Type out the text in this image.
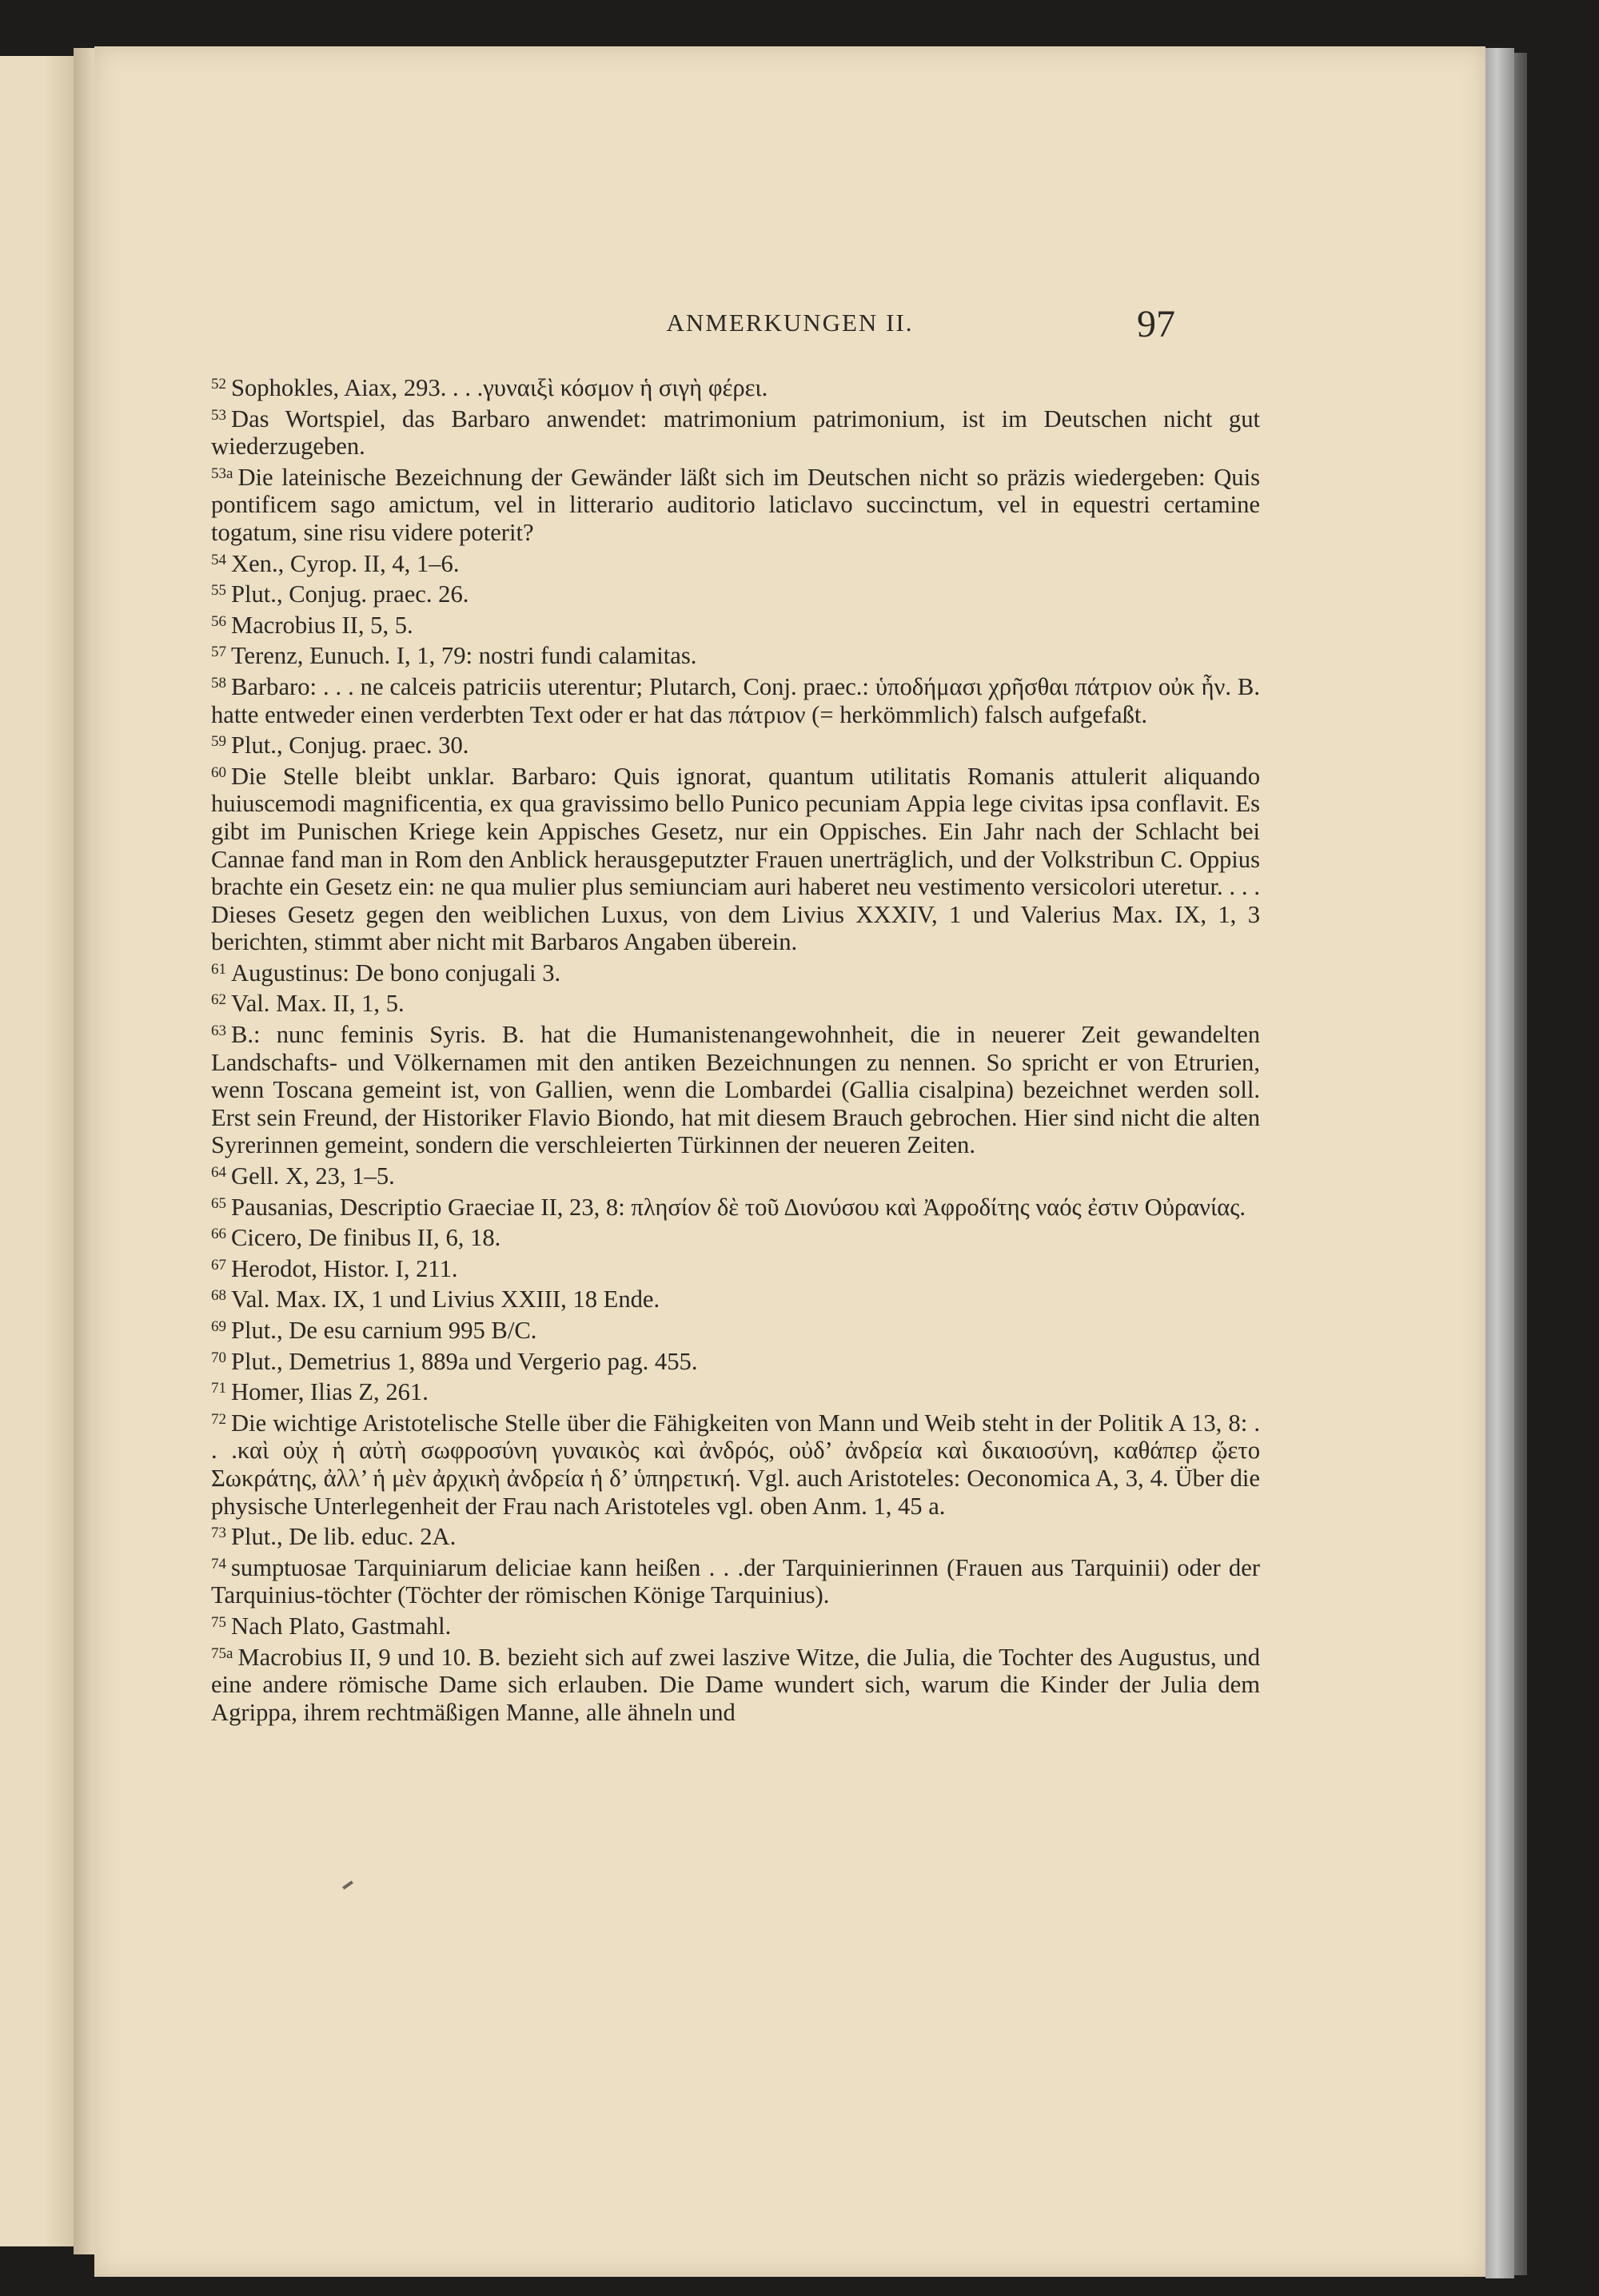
ANMERKUNGEN II.	97

$^{52}$ Sophokles, Aiax, 293. . . .γυναιξὶ κόσμον ἡ σιγὴ φέρει.

$^{53}$ Das Wortspiel, das Barbaro anwendet: matrimonium patrimonium, ist im Deutschen nicht gut wiederzugeben.

$^{53a}$ Die lateinische Bezeichnung der Gewänder läßt sich im Deutschen nicht so präzis wiedergeben: Quis pontificem sago amictum, vel in litterario auditorio laticlavo succinctum, vel in equestri certamine togatum, sine risu videre poterit?

$^{54}$ Xen., Cyrop. II, 4, 1–6.

$^{55}$ Plut., Conjug. praec. 26.

$^{56}$ Macrobius II, 5, 5.

$^{57}$ Terenz, Eunuch. I, 1, 79: nostri fundi calamitas.

$^{58}$ Barbaro: . . . ne calceis patriciis uterentur; Plutarch, Conj. praec.: ὑποδήμασι χρῆσθαι πάτριον οὐκ ἦν. B. hatte entweder einen verderbten Text oder er hat das πάτριον (= herkömmlich) falsch aufgefaßt.

$^{59}$ Plut., Conjug. praec. 30.

$^{60}$ Die Stelle bleibt unklar. Barbaro: Quis ignorat, quantum utilitatis Romanis attulerit aliquando huiuscemodi magnificentia, ex qua gravissimo bello Punico pecuniam Appia lege civitas ipsa conflavit. Es gibt im Punischen Kriege kein Appisches Gesetz, nur ein Oppisches. Ein Jahr nach der Schlacht bei Cannae fand man in Rom den Anblick herausgeputzter Frauen unerträglich, und der Volkstribun C. Oppius brachte ein Gesetz ein: ne qua mulier plus semiunciam auri haberet neu vestimento versicolori uteretur. . . . Dieses Gesetz gegen den weiblichen Luxus, von dem Livius XXXIV, 1 und Valerius Max. IX, 1, 3 berichten, stimmt aber nicht mit Barbaros Angaben überein.

$^{61}$ Augustinus: De bono conjugali 3.

$^{62}$ Val. Max. II, 1, 5.

$^{63}$ B.: nunc feminis Syris. B. hat die Humanistenangewohnheit, die in neuerer Zeit gewandelten Landschafts- und Völkernamen mit den antiken Bezeichnungen zu nennen. So spricht er von Etrurien, wenn Toscana gemeint ist, von Gallien, wenn die Lombardei (Gallia cisalpina) bezeichnet werden soll. Erst sein Freund, der Historiker Flavio Biondo, hat mit diesem Brauch gebrochen. Hier sind nicht die alten Syrerinnen gemeint, sondern die verschleierten Türkinnen der neueren Zeiten.

$^{64}$ Gell. X, 23, 1–5.

$^{65}$ Pausanias, Descriptio Graeciae II, 23, 8: πλησίον δὲ τοῦ Διονύσου καὶ Ἀφροδίτης ναός ἐστιν Οὐρανίας.

$^{66}$ Cicero, De finibus II, 6, 18.

$^{67}$ Herodot, Histor. I, 211.

$^{68}$ Val. Max. IX, 1 und Livius XXIII, 18 Ende.

$^{69}$ Plut., De esu carnium 995 B/C.

$^{70}$ Plut., Demetrius 1, 889a und Vergerio pag. 455.

$^{71}$ Homer, Ilias Z, 261.

$^{72}$ Die wichtige Aristotelische Stelle über die Fähigkeiten von Mann und Weib steht in der Politik A 13, 8: . . .καὶ οὐχ ἡ αὐτὴ σωφροσύνη γυναικὸς καὶ ἀνδρός, οὐδ’ ἀνδρεία καὶ δικαιοσύνη, καθάπερ ᾤετο Σωκράτης, ἀλλ’ ἡ μὲν ἀρχικὴ ἀνδρεία ἡ δ’ ὑπηρετική. Vgl. auch Aristoteles: Oeconomica A, 3, 4. Über die physische Unterlegenheit der Frau nach Aristoteles vgl. oben Anm. 1, 45 a.

$^{73}$ Plut., De lib. educ. 2A.

$^{74}$ sumptuosae Tarquiniarum deliciae kann heißen . . .der Tarquinierinnen (Frauen aus Tarquinii) oder der Tarquinius-töchter (Töchter der römischen Könige Tarquinius).

$^{75}$ Nach Plato, Gastmahl.

$^{75a}$ Macrobius II, 9 und 10. B. bezieht sich auf zwei laszive Witze, die Julia, die Tochter des Augustus, und eine andere römische Dame sich erlauben. Die Dame wundert sich, warum die Kinder der Julia dem Agrippa, ihrem rechtmäßigen Manne, alle ähneln und
